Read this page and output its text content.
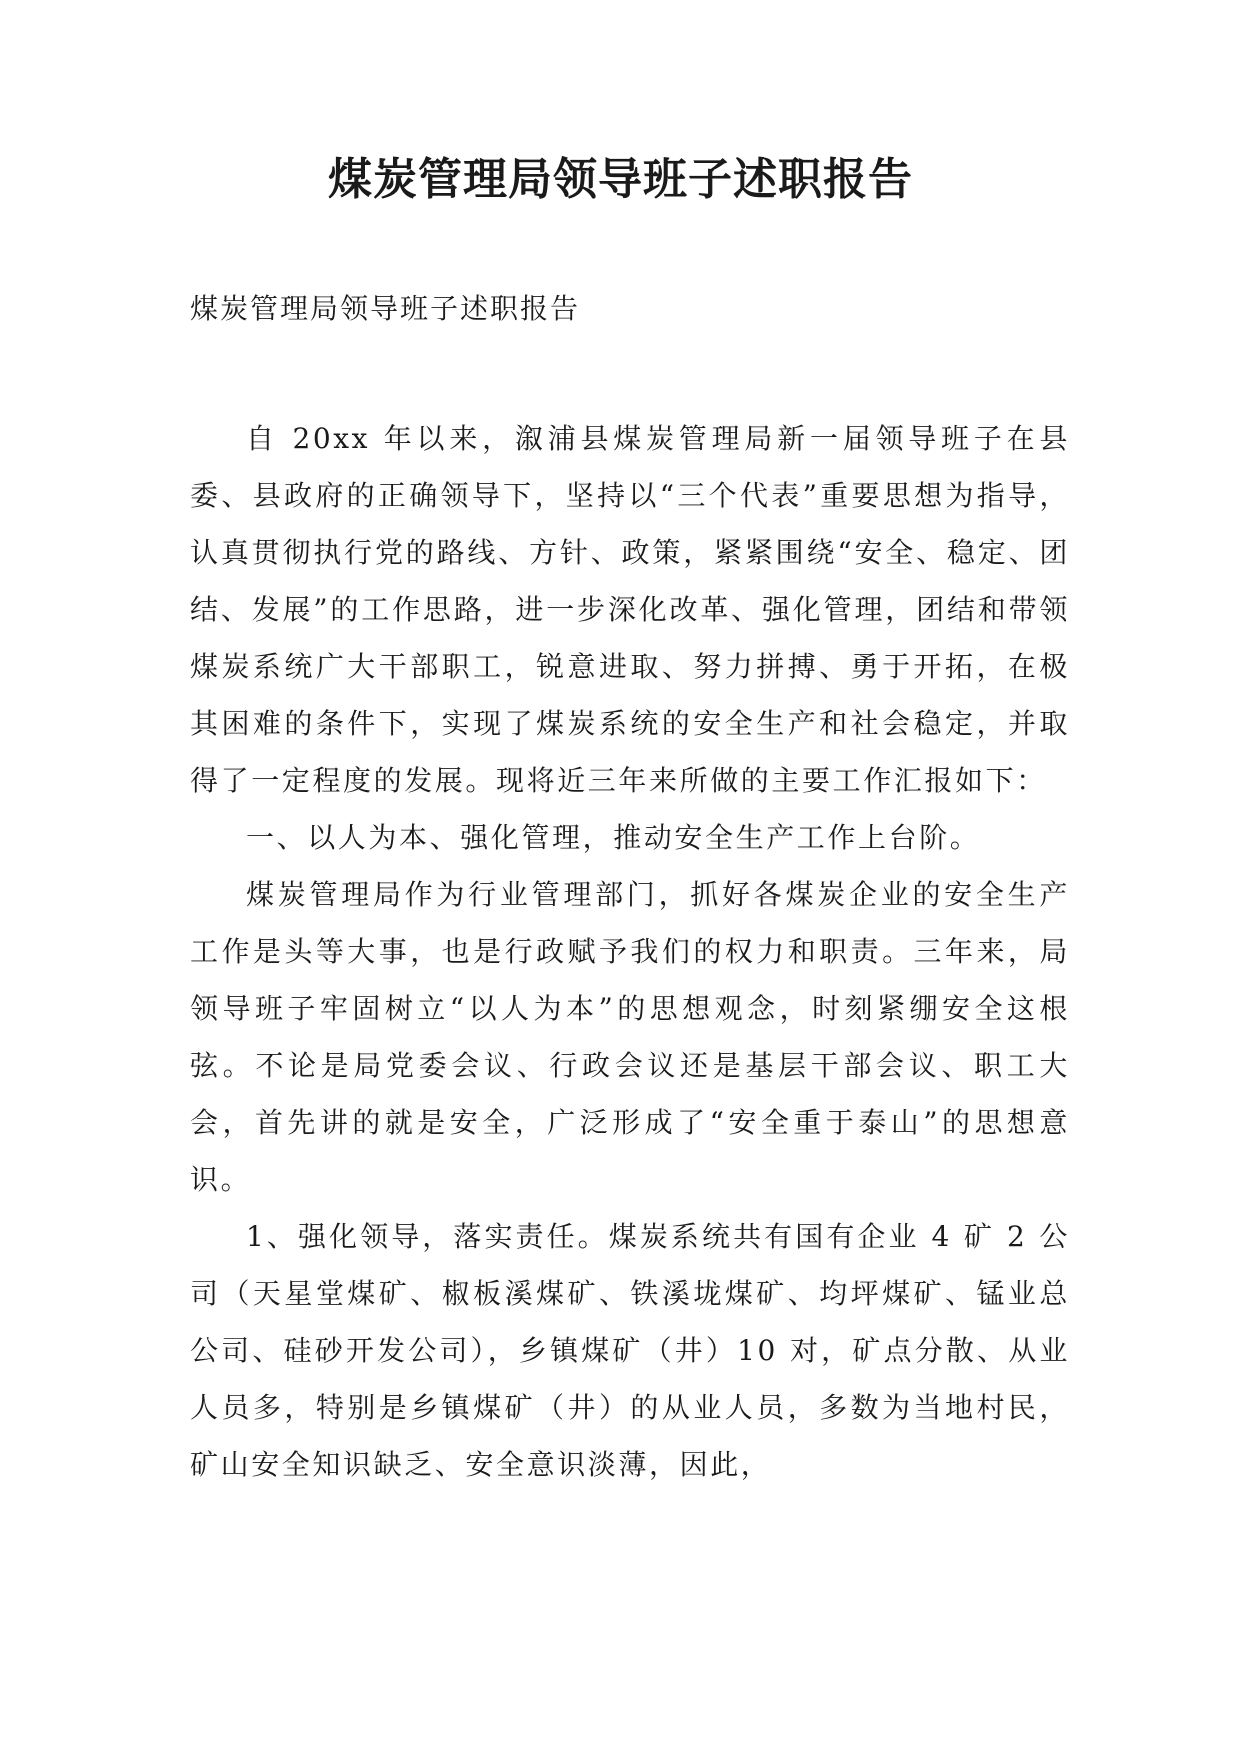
煤炭管理局领导班子述职报告
煤炭管理局领导班子述职报告

自 20xx 年以来，溆浦县煤炭管理局新一届领导班子在县委、县政府的正确领导下，坚持以“三个代表”重要思想为指导，认真贯彻执行党的路线、方针、政策，紧紧围绕“安全、稳定、团结、发展”的工作思路，进一步深化改革、强化管理，团结和带领煤炭系统广大干部职工，锐意进取、努力拼搏、勇于开拓，在极其困难的条件下，实现了煤炭系统的安全生产和社会稳定，并取得了一定程度的发展。现将近三年来所做的主要工作汇报如下：

一、以人为本、强化管理，推动安全生产工作上台阶。

煤炭管理局作为行业管理部门，抓好各煤炭企业的安全生产工作是头等大事，也是行政赋予我们的权力和职责。三年来，局领导班子牢固树立“以人为本”的思想观念，时刻紧绷安全这根弦。不论是局党委会议、行政会议还是基层干部会议、职工大会，首先讲的就是安全，广泛形成了“安全重于泰山”的思想意识。

1、强化领导，落实责任。煤炭系统共有国有企业 4 矿 2 公司（天星堂煤矿、椒板溪煤矿、铁溪垅煤矿、均坪煤矿、锰业总公司、硅砂开发公司），乡镇煤矿（井）10 对，矿点分散、从业人员多，特别是乡镇煤矿（井）的从业人员，多数为当地村民，矿山安全知识缺乏、安全意识淡薄，因此，
